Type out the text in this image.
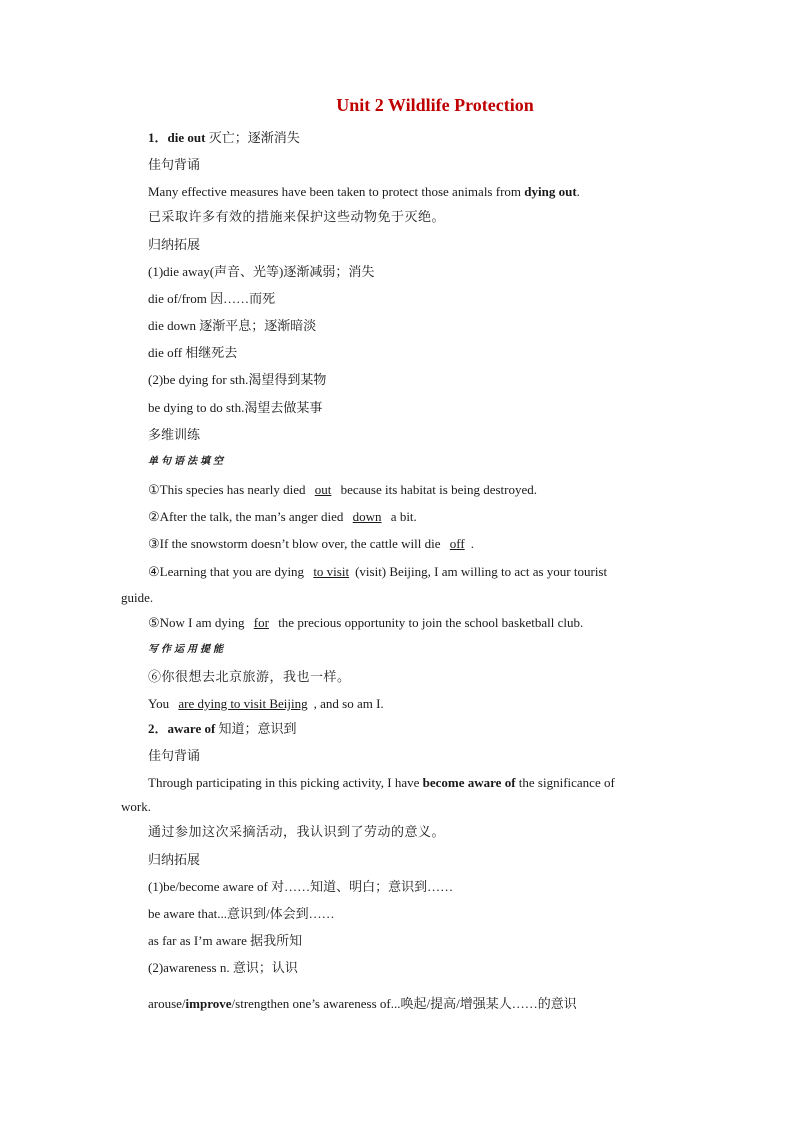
Unit 2 Wildlife Protection
1．die out 灭亡；逐渐消失
佳句背诵
Many effective measures have been taken to protect those animals from dying out.
已采取许多有效的措施来保护这些动物免于灭绝。
归纳拓展
(1)die away(声音、光等)逐渐减弱；消失
die of/from 因……而死
die down 逐渐平息；逐渐暗淡
die off 相继死去
(2)be dying for sth.渴望得到某物
be dying to do sth.渴望去做某事
多维训练
单句语法填空
①This species has nearly died out because its habitat is being destroyed.
②After the talk, the man’s anger died down a bit.
③If the snowstorm doesn’t blow over, the cattle will die off .
④Learning that you are dying to visit (visit) Beijing, I am willing to act as your tourist
guide.
⑤Now I am dying for the precious opportunity to join the school basketball club.
写作运用提能
⑥你很想去北京旅游，我也一样。
You are dying to visit Beijing , and so am I.
2．aware of 知道；意识到
佳句背诵
Through participating in this picking activity, I have become aware of the significance of
work.
通过参加这次采摘活动，我认识到了劳动的意义。
归纳拓展
(1)be/become aware of 对……知道、明白；意识到……
be aware that...意识到/体会到……
as far as I’m aware 据我所知
(2)awareness n. 意识；认识
arouse/improve/strengthen one’s awareness of...唤起/提高/增强某人……的意识
